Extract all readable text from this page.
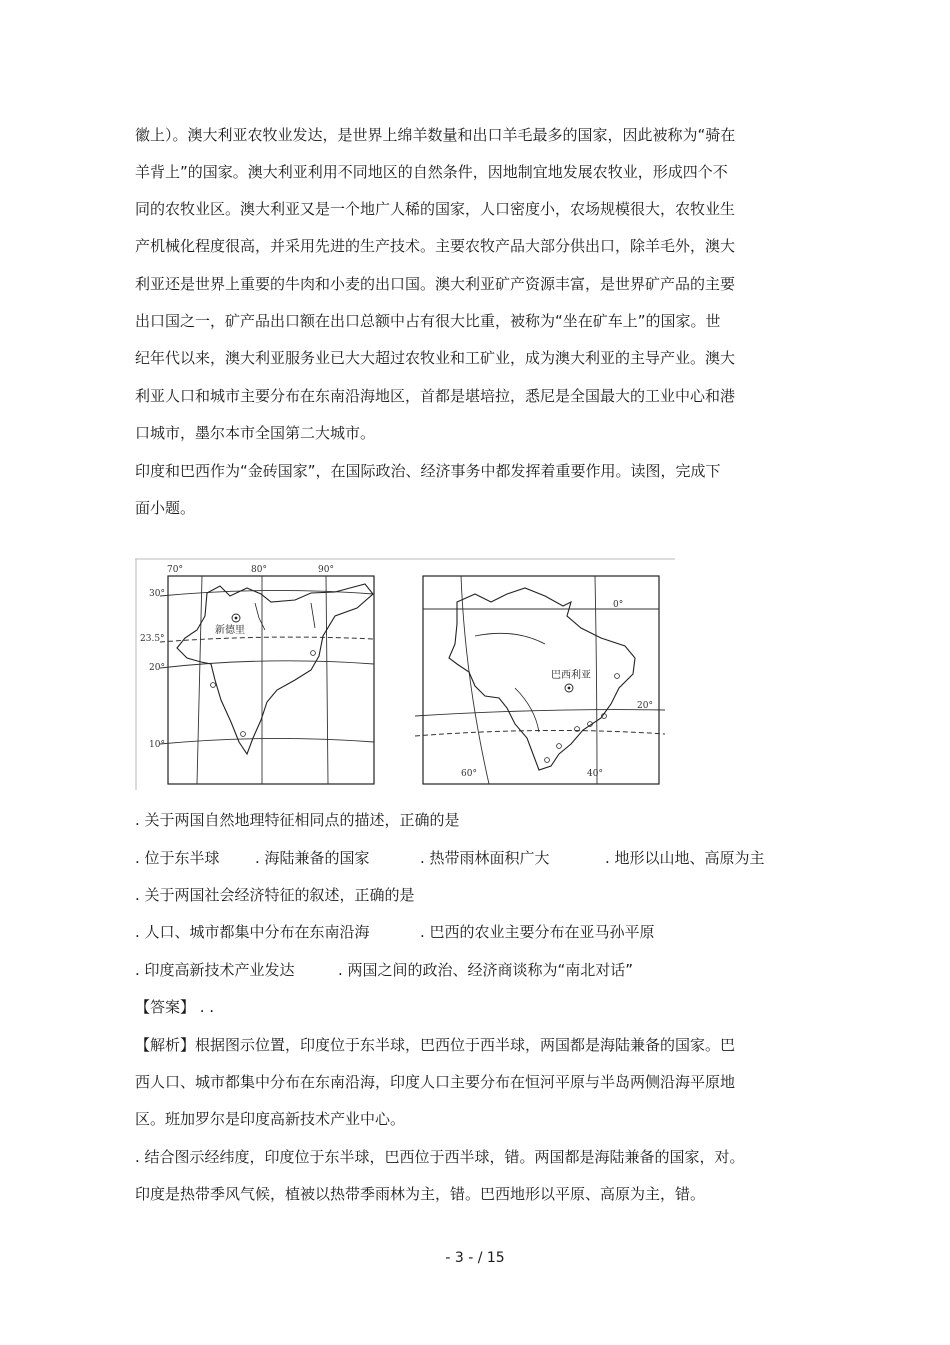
徽上）。澳大利亚农牧业发达，是世界上绵羊数量和出口羊毛最多的国家，因此被称为“骑在
羊背上”的国家。澳大利亚利用不同地区的自然条件，因地制宜地发展农牧业，形成四个不
同的农牧业区。澳大利亚又是一个地广人稀的国家，人口密度小，农场规模很大，农牧业生
产机械化程度很高，并采用先进的生产技术。主要农牧产品大部分供出口，除羊毛外，澳大
利亚还是世界上重要的牛肉和小麦的出口国。澳大利亚矿产资源丰富，是世界矿产品的主要
出口国之一，矿产品出口额在出口总额中占有很大比重，被称为“坐在矿车上”的国家。世
纪年代以来，澳大利亚服务业已大大超过农牧业和工矿业，成为澳大利亚的主导产业。澳大
利亚人口和城市主要分布在东南沿海地区，首都是堪培拉，悉尼是全国最大的工业中心和港
口城市，墨尔本市全国第二大城市。
印度和巴西作为“金砖国家”，在国际政治、经济事务中都发挥着重要作用。读图，完成下
面小题。
70°	80°	90°
30°
23.5°
20°
10°
新德里
0°
20°
60°	40°
巴西利亚
. 关于两国自然地理特征相同点的描述，正确的是
. 位于东半球 . 海陆兼备的国家	. 热带雨林面积广大	. 地形以山地、高原为主
. 关于两国社会经济特征的叙述，正确的是
. 人口、城市都集中分布在东南沿海	. 巴西的农业主要分布在亚马孙平原
. 印度高新技术产业发达	. 两国之间的政治、经济商谈称为“南北对话”
【答案】 . .
【解析】根据图示位置，印度位于东半球，巴西位于西半球，两国都是海陆兼备的国家。巴
西人口、城市都集中分布在东南沿海，印度人口主要分布在恒河平原与半岛两侧沿海平原地
区。班加罗尔是印度高新技术产业中心。
. 结合图示经纬度，印度位于东半球，巴西位于西半球，错。两国都是海陆兼备的国家，对。
印度是热带季风气候，植被以热带季雨林为主，错。巴西地形以平原、高原为主，错。
- 3 - / 15
